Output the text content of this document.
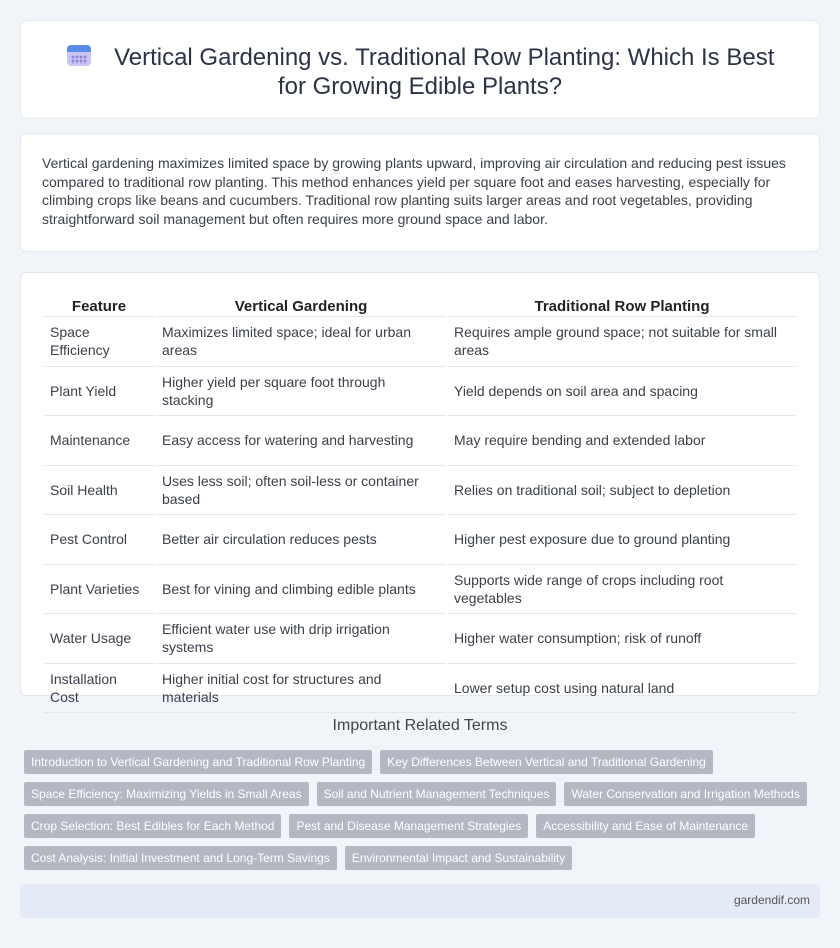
Vertical Gardening vs. Traditional Row Planting: Which Is Best for Growing Edible Plants?

Vertical gardening maximizes limited space by growing plants upward, improving air circulation and reducing pest issues compared to traditional row planting. This method enhances yield per square foot and eases harvesting, especially for climbing crops like beans and cucumbers. Traditional row planting suits larger areas and root vegetables, providing straightforward soil management but often requires more ground space and labor.

Feature	Vertical Gardening	Traditional Row Planting
Space Efficiency	Maximizes limited space; ideal for urban areas	Requires ample ground space; not suitable for small areas
Plant Yield	Higher yield per square foot through stacking	Yield depends on soil area and spacing
Maintenance	Easy access for watering and harvesting	May require bending and extended labor
Soil Health	Uses less soil; often soil-less or container based	Relies on traditional soil; subject to depletion
Pest Control	Better air circulation reduces pests	Higher pest exposure due to ground planting
Plant Varieties	Best for vining and climbing edible plants	Supports wide range of crops including root vegetables
Water Usage	Efficient water use with drip irrigation systems	Higher water consumption; risk of runoff
Installation Cost	Higher initial cost for structures and materials	Lower setup cost using natural land
Important Related Terms
Introduction to Vertical Gardening and Traditional Row Planting	Key Differences Between Vertical and Traditional Gardening
Space Efficiency: Maximizing Yields in Small Areas	Soil and Nutrient Management Techniques	Water Conservation and Irrigation Methods
Crop Selection: Best Edibles for Each Method	Pest and Disease Management Strategies	Accessibility and Ease of Maintenance
Cost Analysis: Initial Investment and Long-Term Savings	Environmental Impact and Sustainability
gardendif.com
